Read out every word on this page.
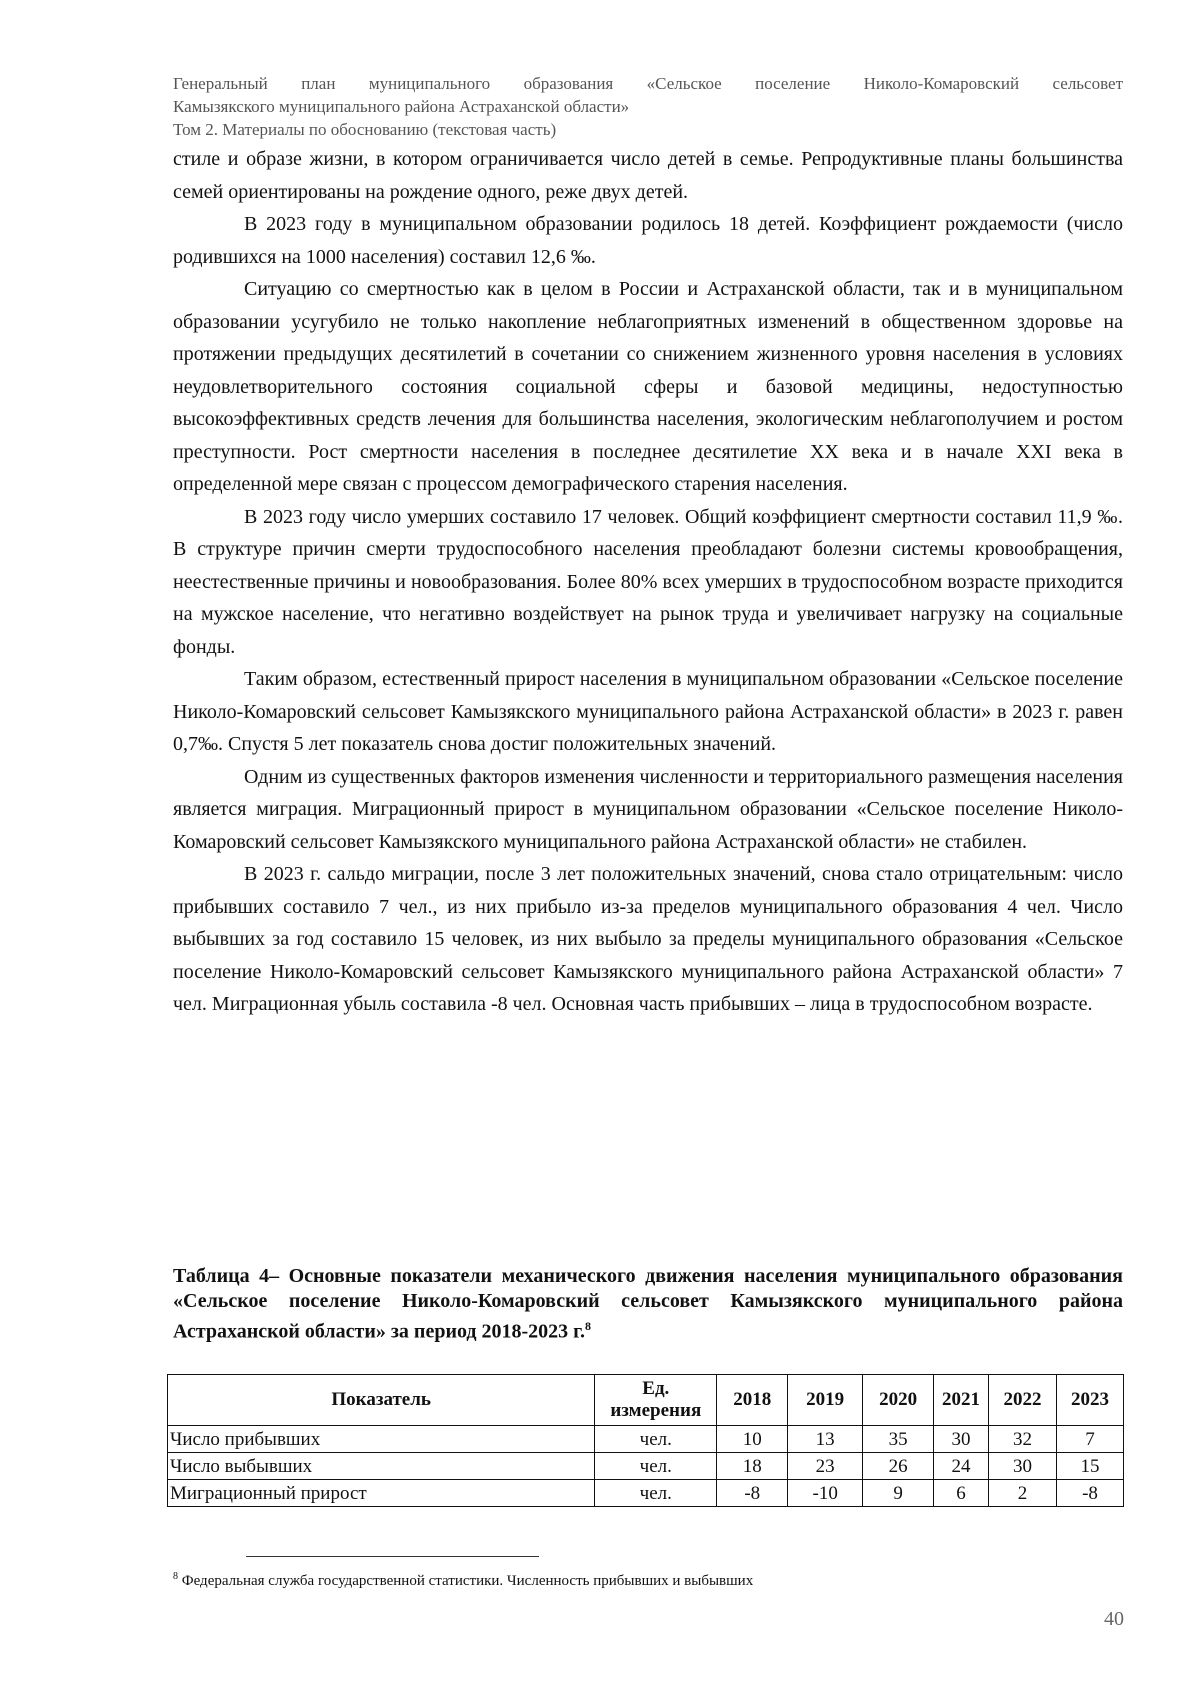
Генеральный план муниципального образования «Сельское поселение Николо-Комаровский сельсовет
Камызякского муниципального района Астраханской области»
Том 2. Материалы по обоснованию (текстовая часть)

стиле и образе жизни, в котором ограничивается число детей в семье. Репродуктивные планы большинства семей ориентированы на рождение одного, реже двух детей.

В 2023 году в муниципальном образовании родилось 18 детей. Коэффициент рождаемости (число родившихся на 1000 населения) составил 12,6 ‰.

Ситуацию со смертностью как в целом в России и Астраханской области, так и в муниципальном образовании усугубило не только накопление неблагоприятных изменений в общественном здоровье на протяжении предыдущих десятилетий в сочетании со снижением жизненного уровня населения в условиях неудовлетворительного состояния социальной сферы и базовой медицины, недоступностью высокоэффективных средств лечения для большинства населения, экологическим неблагополучием и ростом преступности. Рост смертности населения в последнее десятилетие XX века и в начале XXI века в определенной мере связан с процессом демографического старения населения.

В 2023 году число умерших составило 17 человек. Общий коэффициент смертности составил 11,9 ‰. В структуре причин смерти трудоспособного населения преобладают болезни системы кровообращения, неестественные причины и новообразования. Более 80% всех умерших в трудоспособном возрасте приходится на мужское население, что негативно воздействует на рынок труда и увеличивает нагрузку на социальные фонды.

Таким образом, естественный прирост населения в муниципальном образовании «Сельское поселение Николо-Комаровский сельсовет Камызякского муниципального района Астраханской области» в 2023 г. равен 0,7‰. Спустя 5 лет показатель снова достиг положительных значений.

Одним из существенных факторов изменения численности и территориального размещения населения является миграция. Миграционный прирост в муниципальном образовании «Сельское поселение Николо-Комаровский сельсовет Камызякского муниципального района Астраханской области» не стабилен.

В 2023 г. сальдо миграции, после 3 лет положительных значений, снова стало отрицательным: число прибывших составило 7 чел., из них прибыло из-за пределов муниципального образования 4 чел. Число выбывших за год составило 15 человек, из них выбыло за пределы муниципального образования «Сельское поселение Николо-Комаровский сельсовет Камызякского муниципального района Астраханской области» 7 чел. Миграционная убыль составила -8 чел. Основная часть прибывших – лица в трудоспособном возрасте.

Таблица 4– Основные показатели механического движения населения муниципального образования «Сельское поселение Николо-Комаровский сельсовет Камызякского муниципального района Астраханской области» за период 2018-2023 г.$^8$
Показатель	Ед. измерения	2018	2019	2020	2021	2022	2023
Число прибывших	чел.	10	13	35	30	32	7
Число выбывших	чел.	18	23	26	24	30	15
Миграционный прирост	чел.	-8	-10	9	6	2	-8
$^8$ Федеральная служба государственной статистики. Численность прибывших и выбывших
40
